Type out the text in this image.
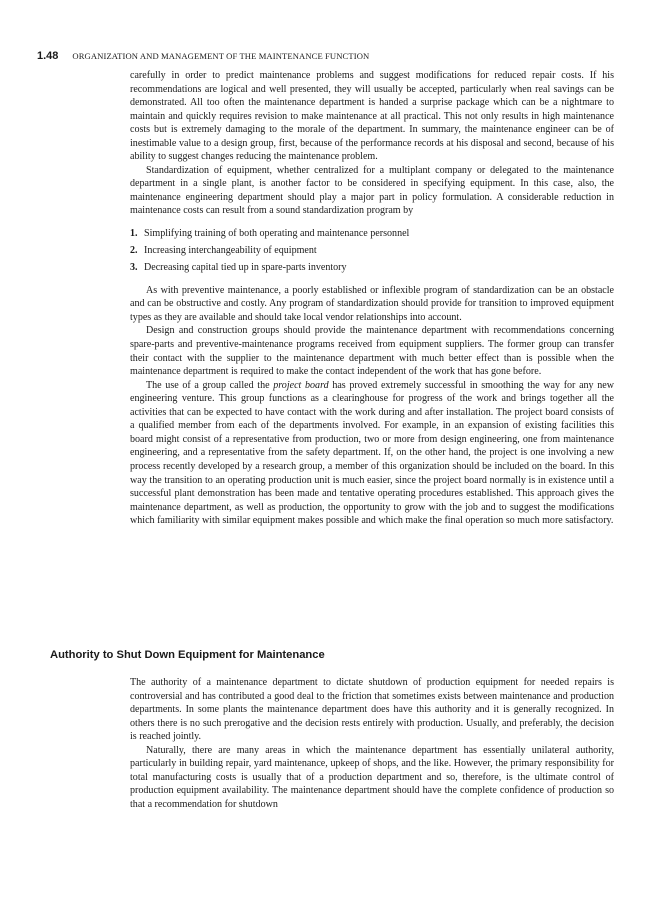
1.48 ORGANIZATION AND MANAGEMENT OF THE MAINTENANCE FUNCTION

carefully in order to predict maintenance problems and suggest modifications for reduced repair costs. If his recommendations are logical and well presented, they will usually be accepted, particularly when real savings can be demonstrated. All too often the maintenance department is handed a surprise package which can be a nightmare to maintain and quickly requires revision to make maintenance at all practical. This not only results in high maintenance costs but is extremely damaging to the morale of the department. In summary, the maintenance engineer can be of inestimable value to a design group, first, because of the performance records at his disposal and second, because of his ability to suggest changes reducing the maintenance problem.

Standardization of equipment, whether centralized for a multiplant company or delegated to the maintenance department in a single plant, is another factor to be considered in specifying equipment. In this case, also, the maintenance engineering department should play a major part in policy formulation. A considerable reduction in maintenance costs can result from a sound standardization program by

1. Simplifying training of both operating and maintenance personnel
2. Increasing interchangeability of equipment
3. Decreasing capital tied up in spare-parts inventory

As with preventive maintenance, a poorly established or inflexible program of standardization can be an obstacle and can be obstructive and costly. Any program of standardization should provide for transition to improved equipment types as they are available and should take local vendor relationships into account.

Design and construction groups should provide the maintenance department with recommendations concerning spare-parts and preventive-maintenance programs received from equipment suppliers. The former group can transfer their contact with the supplier to the maintenance department with much better effect than is possible when the maintenance department is required to make the contact independent of the work that has gone before.

The use of a group called the project board has proved extremely successful in smoothing the way for any new engineering venture. This group functions as a clearinghouse for progress of the work and brings together all the activities that can be expected to have contact with the work during and after installation. The project board consists of a qualified member from each of the departments involved. For example, in an expansion of existing facilities this board might consist of a representative from production, two or more from design engineering, one from maintenance engineering, and a representative from the safety department. If, on the other hand, the project is one involving a new process recently developed by a research group, a member of this organization should be included on the board. In this way the transition to an operating production unit is much easier, since the project board normally is in existence until a successful plant demonstration has been made and tentative operating procedures established. This approach gives the maintenance department, as well as production, the opportunity to grow with the job and to suggest the modifications which familiarity with similar equipment makes possible and which make the final operation so much more satisfactory.

Authority to Shut Down Equipment for Maintenance

The authority of a maintenance department to dictate shutdown of production equipment for needed repairs is controversial and has contributed a good deal to the friction that sometimes exists between maintenance and production departments. In some plants the maintenance department does have this authority and it is generally recognized. In others there is no such prerogative and the decision rests entirely with production. Usually, and preferably, the decision is reached jointly.

Naturally, there are many areas in which the maintenance department has essentially unilateral authority, particularly in building repair, yard maintenance, upkeep of shops, and the like. However, the primary responsibility for total manufacturing costs is usually that of a production department and so, therefore, is the ultimate control of production equipment availability. The maintenance department should have the complete confidence of production so that a recommendation for shutdown
